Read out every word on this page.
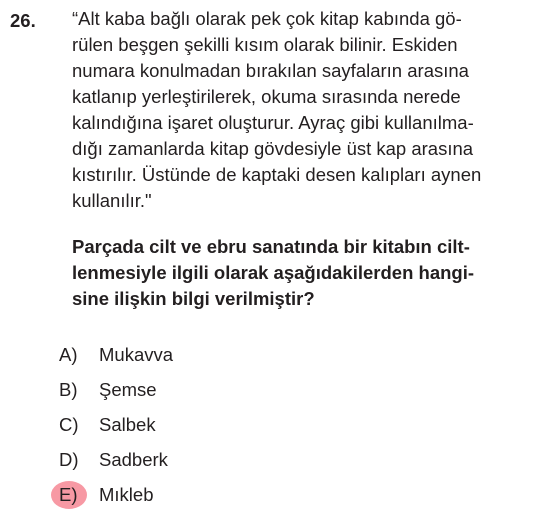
26. “Alt kaba bağlı olarak pek çok kitap kabında gö-
rülen beşgen şekilli kısım olarak bilinir. Eskiden
numara konulmadan bırakılan sayfaların arasına
katlanıp yerleştirilerek, okuma sırasında nerede
kalındığına işaret oluşturur. Ayraç gibi kullanılma-
dığı zamanlarda kitap gövdesiyle üst kap arasına
kıstırılır. Üstünde de kaptaki desen kalıpları aynen
kullanılır."
Parçada cilt ve ebru sanatında bir kitabın cilt-
lenmesiyle ilgili olarak aşağıdakilerden hangi-
sine ilişkin bilgi verilmiştir?
A) Mukavva
B) Şemse
C) Salbek
D) Sadberk
E) Mıkleb
